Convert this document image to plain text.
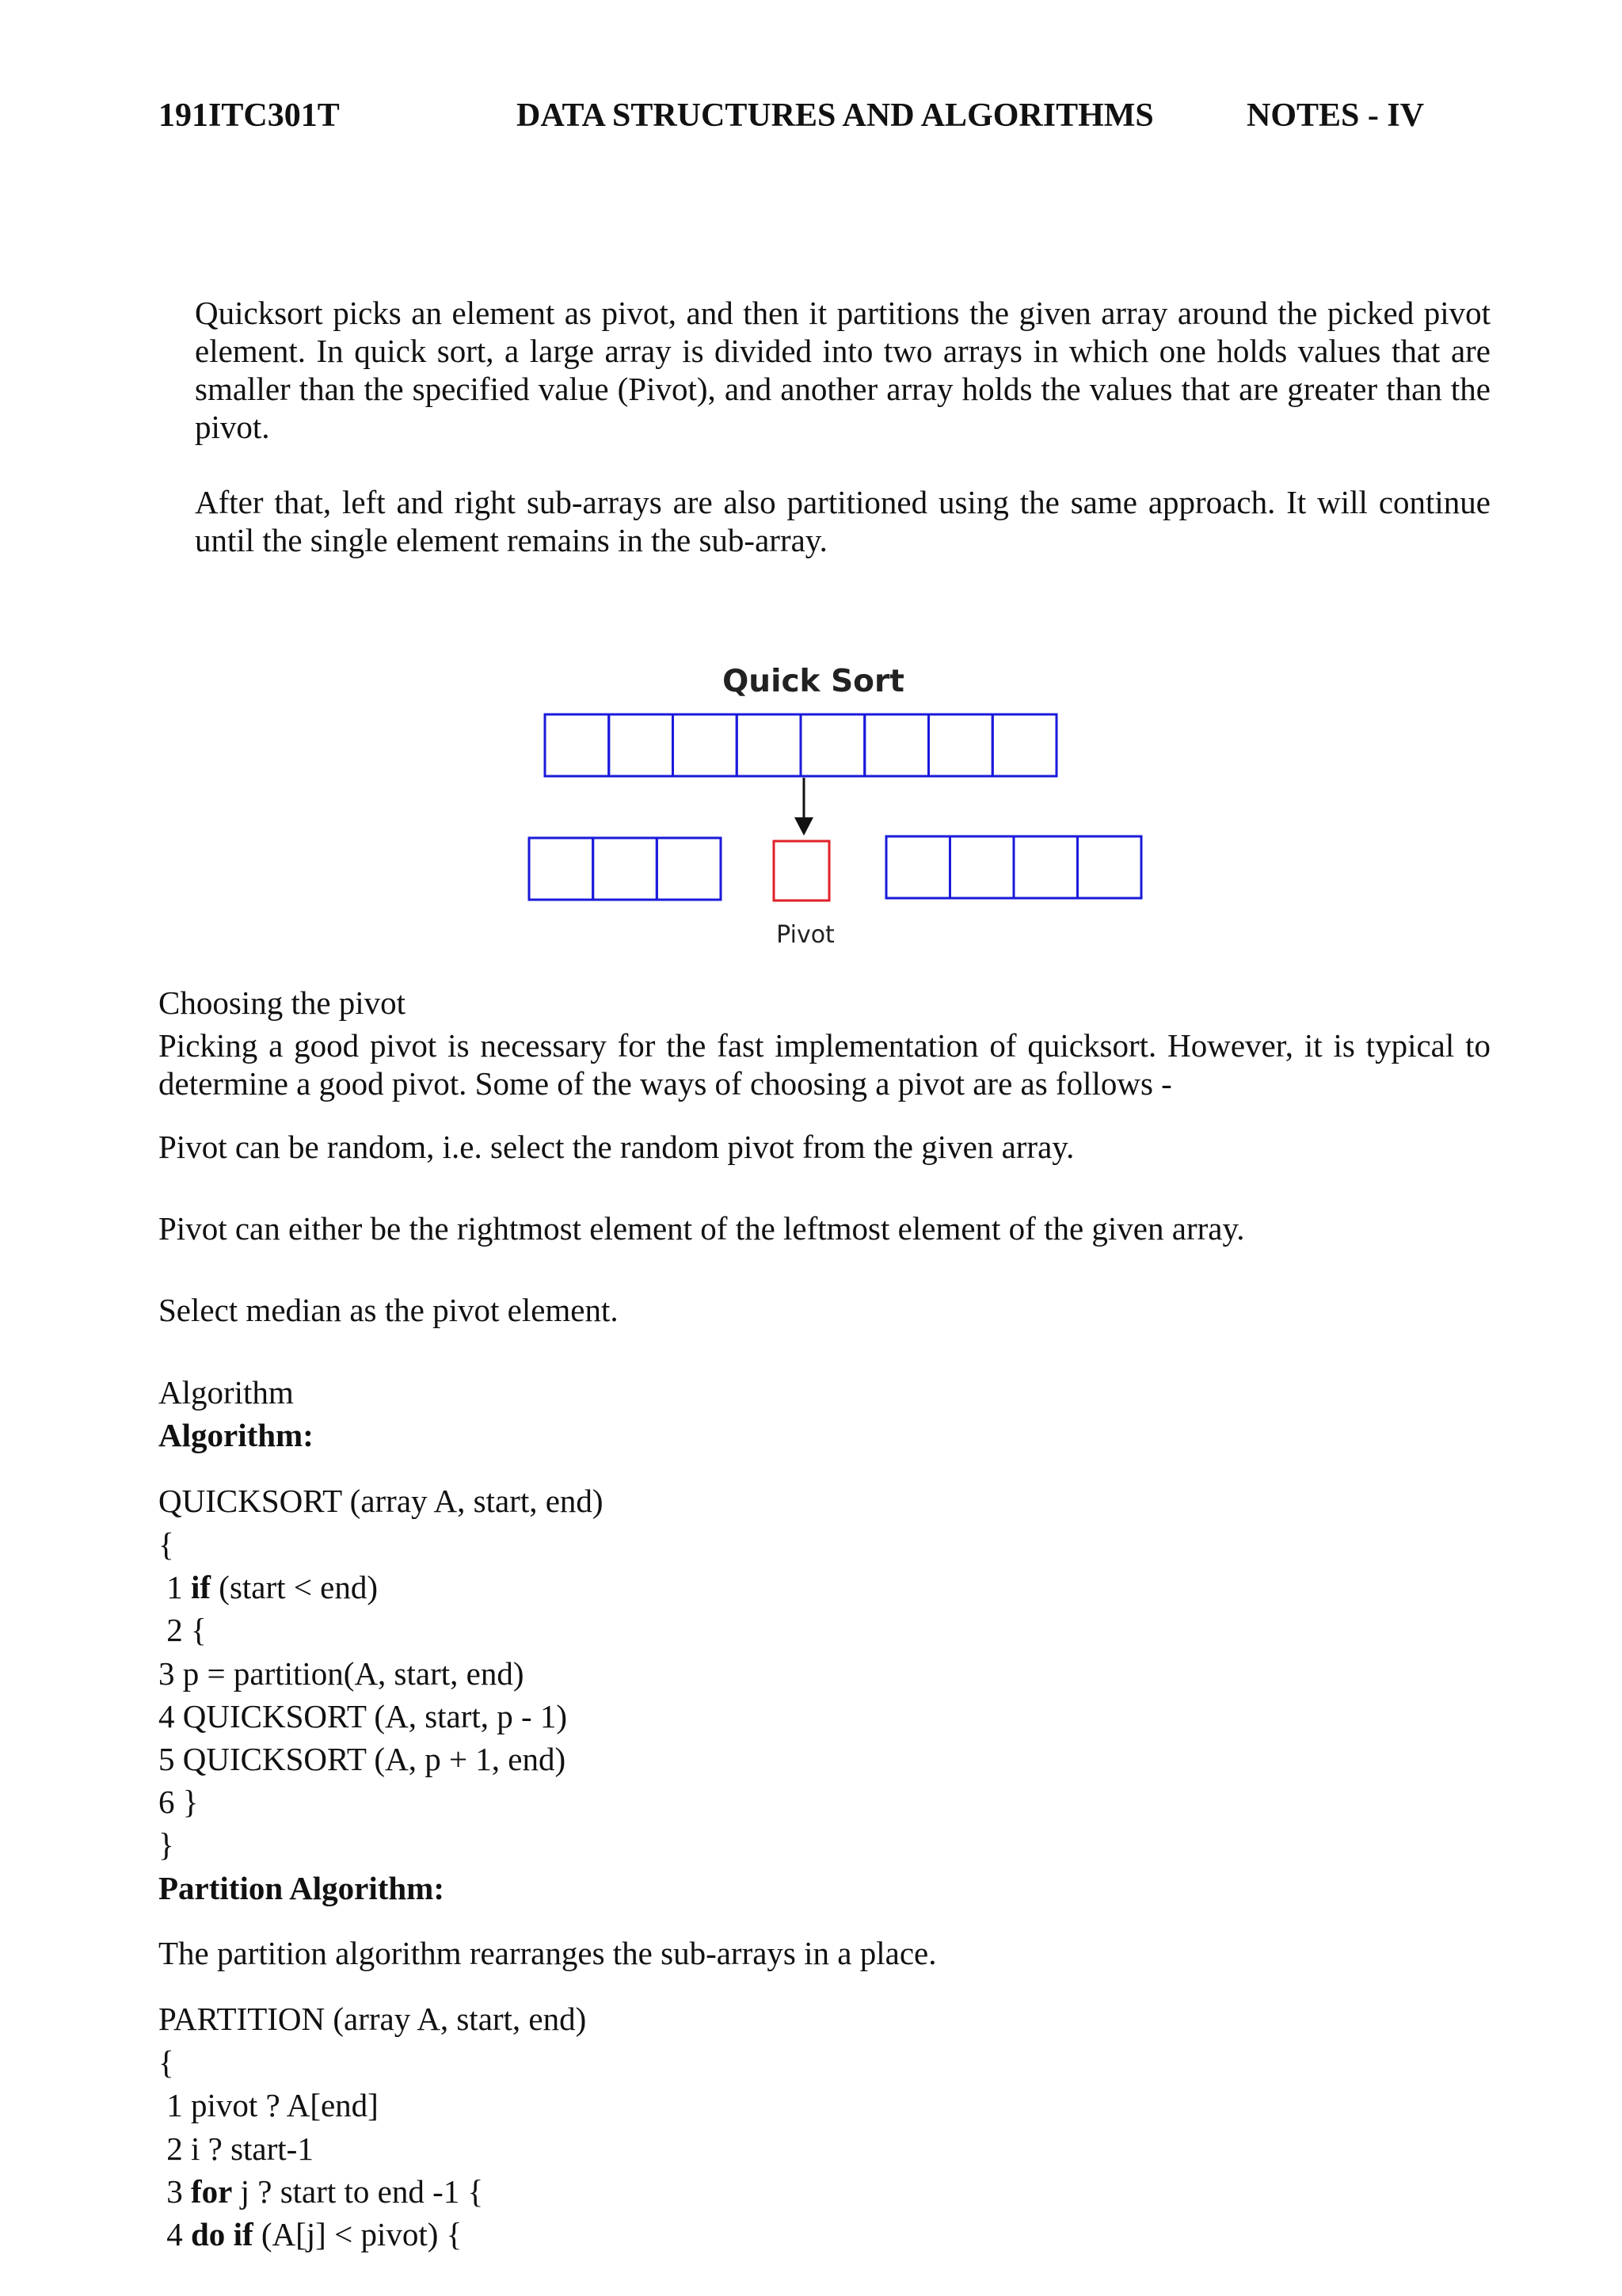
191ITC301T	DATA STRUCTURES AND ALGORITHMS	NOTES - IV
Quicksort picks an element as pivot, and then it partitions the given array around the picked pivot element. In quick sort, a large array is divided into two arrays in which one holds values that are smaller than the specified value (Pivot), and another array holds the values that are greater than the pivot.
After that, left and right sub-arrays are also partitioned using the same approach. It will continue until the single element remains in the sub-array.
Quick Sort
Pivot
Choosing the pivot
Picking a good pivot is necessary for the fast implementation of quicksort. However, it is typical to determine a good pivot. Some of the ways of choosing a pivot are as follows -
Pivot can be random, i.e. select the random pivot from the given array.
Pivot can either be the rightmost element of the leftmost element of the given array.
Select median as the pivot element.
Algorithm
Algorithm:
QUICKSORT (array A, start, end)
{
1 if (start < end)
2 {
3 p = partition(A, start, end)
4 QUICKSORT (A, start, p - 1)
5 QUICKSORT (A, p + 1, end)
6 }
}
Partition Algorithm:
The partition algorithm rearranges the sub-arrays in a place.
PARTITION (array A, start, end)
{
1 pivot ? A[end]
2 i ? start-1
3 for j ? start to end -1 {
4 do if (A[j] < pivot) {
